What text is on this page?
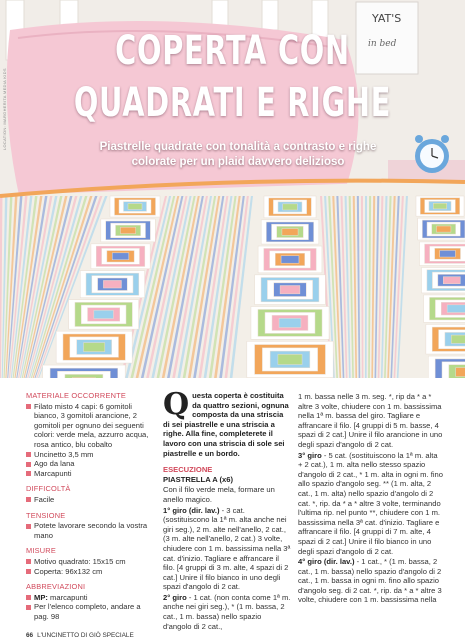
YAT'S
in bed
COPERTA CON
QUADRATI E RIGHE
Piastrelle quadrate con tonalità a contrasto e righe colorate per un plaid davvero delizioso
LOCATION: MARGHERITA MEDIA KIDS
MATERIALE OCCORRENTE
Filato misto 4 capi: 6 gomitoli bianco, 3 gomitoli arancione, 2 gomitoli per ognuno dei seguenti colori: verde mela, azzurro acqua, rosa antico, blu cobalto
Uncinetto 3,5 mm
Ago da lana
Marcapunti
DIFFICOLTÀ
Facile
TENSIONE
Potete lavorare secondo la vostra mano
MISURE
Motivo quadrato: 15x15 cm
Coperta: 96x132 cm
ABBREVIAZIONI
MP: marcapunti
Per l'elenco completo, andare a pag. 98
Q uesta coperta è costituita da quattro sezioni, ognuna composta da una striscia di sei piastrelle e una striscia a righe. Alla fine, completerete il lavoro con una striscia di sole sei piastrelle e un bordo.
ESECUZIONE
PIASTRELLA A (x6)
Con il filo verde mela, formare un anello magico.
1° giro (dir. lav.) - 3 cat. (sostituiscono la 1ª m. alta anche nei giri seg.), 2 m. alte nell'anello, 2 cat., (3 m. alte nell'anello, 2 cat.) 3 volte, chiudere con 1 m. bassissima nella 3ª cat. d'inizio. Tagliare e affrancare il filo. [4 gruppi di 3 m. alte, 4 spazi di 2 cat.] Unire il filo bianco in uno degli spazi d'angolo di 2 cat.
2° giro - 1 cat. (non conta come 1ª m. anche nei giri seg.), * (1 m. bassa, 2 cat., 1 m. bassa) nello spazio d'angolo di 2 cat.,
1 m. bassa nelle 3 m. seg. *, rip da * a * altre 3 volte, chiudere con 1 m. bassissima nella 1ª m. bassa del giro. Tagliare e affrancare il filo. [4 gruppi di 5 m. basse, 4 spazi di 2 cat.] Unire il filo arancione in uno degli spazi d'angolo di 2 cat.
3° giro - 5 cat. (sostituiscono la 1ª m. alta + 2 cat.), 1 m. alta nello stesso spazio d'angolo di 2 cat., * 1 m. alta in ogni m. fino allo spazio d'angolo seg. ** (1 m. alta, 2 cat., 1 m. alta) nello spazio d'angolo di 2 cat. *, rip. da * a * altre 3 volte, terminando l'ultima rip. nel punto **, chiudere con 1 m. bassissima nella 3ª cat. d'inizio. Tagliare e affrancare il filo. [4 gruppi di 7 m. alte, 4 spazi di 2 cat.] Unire il filo bianco in uno degli spazi d'angolo di 2 cat.
4° giro (dir. lav.) - 1 cat., * (1 m. bassa, 2 cat., 1 m. bassa) nello spazio d'angolo di 2 cat., 1 m. bassa in ogni m. fino allo spazio d'angolo seg. di 2 cat. *, rip. da * a * altre 3 volte, chiudere con 1 m. bassissima nella
66 L'UNCINETTO DI GIÒ SPECIALE
